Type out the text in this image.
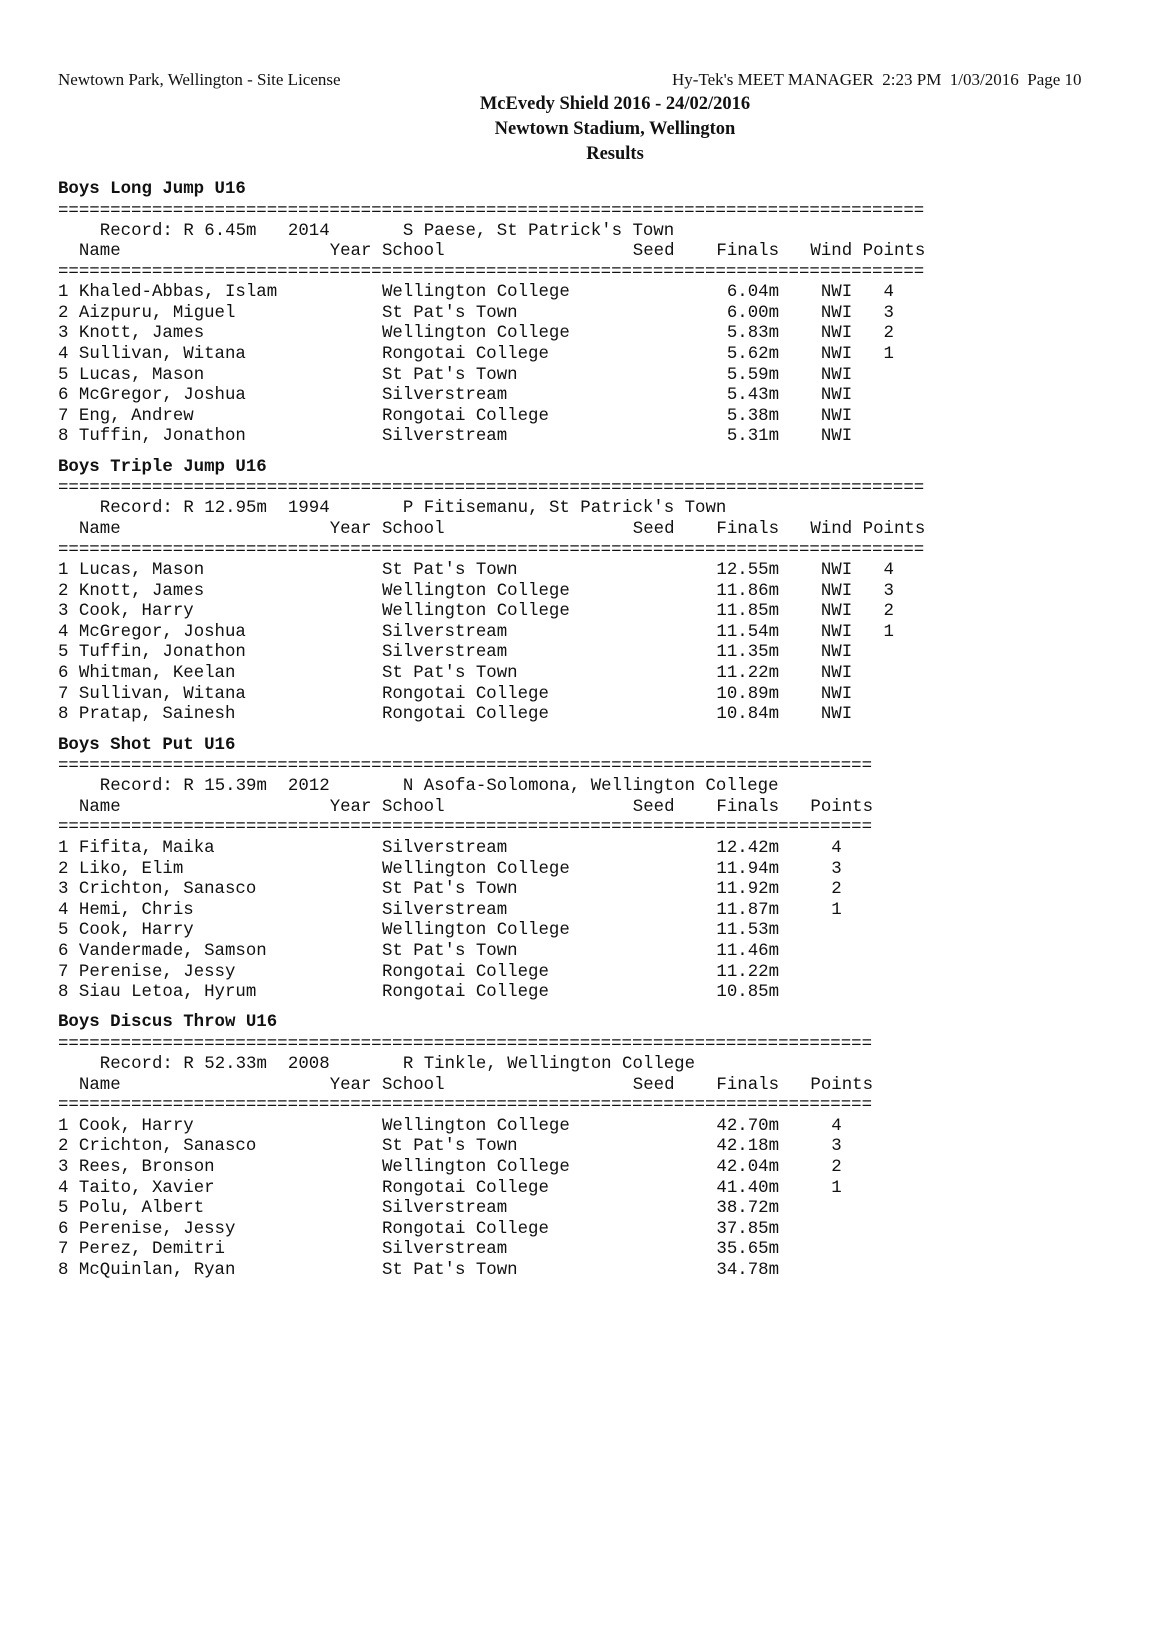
Newtown Park, Wellington - Site License	Hy-Tek's MEET MANAGER  2:23 PM  1/03/2016  Page 10
McEvedy Shield 2016 - 24/02/2016
Newtown Stadium, Wellington
Results
Boys Long Jump U16
===================================================================================
Record: R 6.45m 2014	S Paese, St Patrick's Town
Name	Year School	Seed Finals Wind Points
===================================================================================
1 Khaled-Abbas, Islam	Wellington College	6.04m NWI 4
2 Aizpuru, Miguel	St Pat's Town	6.00m NWI 3
3 Knott, James	Wellington College	5.83m NWI 2
4 Sullivan, Witana	Rongotai College	5.62m NWI 1
5 Lucas, Mason	St Pat's Town	5.59m NWI
6 McGregor, Joshua	Silverstream	5.43m NWI
7 Eng, Andrew	Rongotai College	5.38m NWI
8 Tuffin, Jonathon	Silverstream	5.31m NWI
Boys Triple Jump U16
===================================================================================
Record: R 12.95m 1994	P Fitisemanu, St Patrick's Town
Name	Year School	Seed Finals Wind Points
===================================================================================
1 Lucas, Mason	St Pat's Town	12.55m NWI 4
2 Knott, James	Wellington College	11.86m NWI 3
3 Cook, Harry	Wellington College	11.85m NWI 2
4 McGregor, Joshua	Silverstream	11.54m NWI 1
5 Tuffin, Jonathon	Silverstream	11.35m NWI
6 Whitman, Keelan	St Pat's Town	11.22m NWI
7 Sullivan, Witana	Rongotai College	10.89m NWI
8 Pratap, Sainesh	Rongotai College	10.84m NWI
Boys Shot Put U16
==============================================================================
Record: R 15.39m 2012	N Asofa-Solomona, Wellington College
Name	Year School	Seed Finals Points
==============================================================================
1 Fifita, Maika	Silverstream	12.42m	4
2 Liko, Elim	Wellington College	11.94m	3
3 Crichton, Sanasco	St Pat's Town	11.92m	2
4 Hemi, Chris	Silverstream	11.87m	1
5 Cook, Harry	Wellington College	11.53m
6 Vandermade, Samson	St Pat's Town	11.46m
7 Perenise, Jessy	Rongotai College	11.22m
8 Siau Letoa, Hyrum	Rongotai College	10.85m
Boys Discus Throw U16
==============================================================================
Record: R 52.33m 2008	R Tinkle, Wellington College
Name	Year School	Seed Finals Points
==============================================================================
1 Cook, Harry	Wellington College	42.70m	4
2 Crichton, Sanasco	St Pat's Town	42.18m	3
3 Rees, Bronson	Wellington College	42.04m	2
4 Taito, Xavier	Rongotai College	41.40m	1
5 Polu, Albert	Silverstream	38.72m
6 Perenise, Jessy	Rongotai College	37.85m
7 Perez, Demitri	Silverstream	35.65m
8 McQuinlan, Ryan	St Pat's Town	34.78m
